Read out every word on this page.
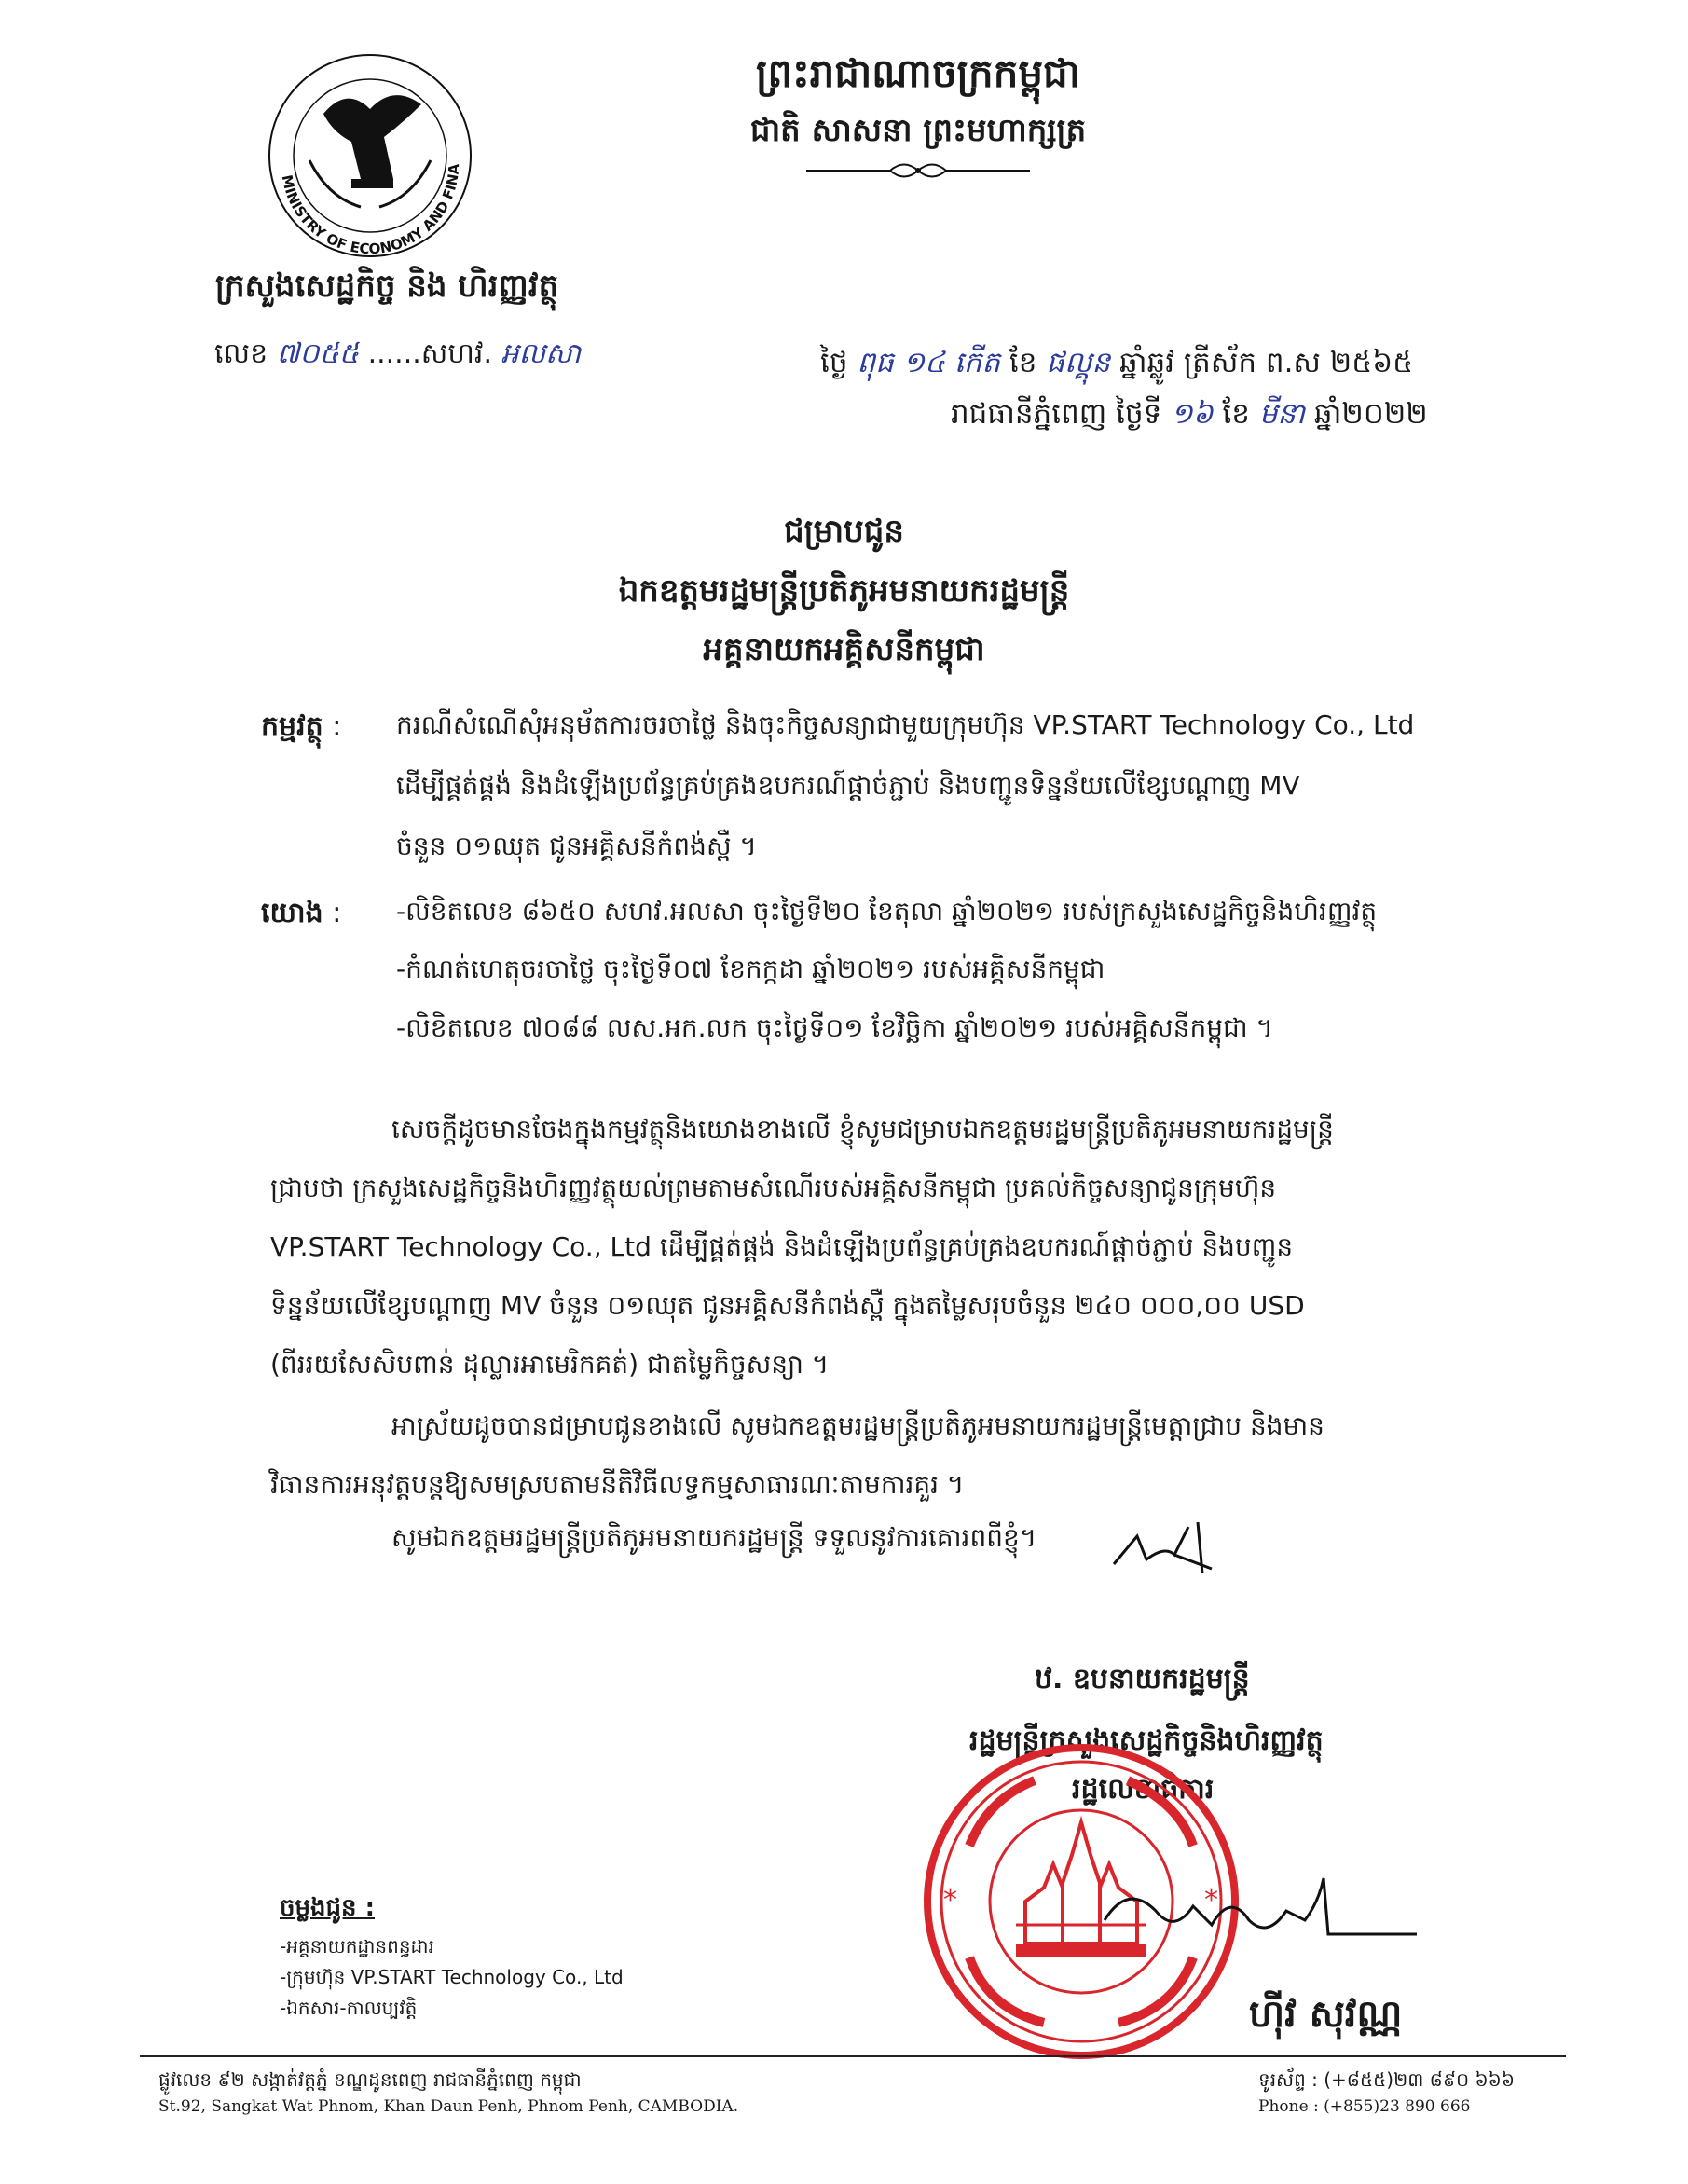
MINISTRY OF ECONOMY AND FINA
ក្រសួងសេដ្ឋកិច្ច និង ហិរញ្ញវត្ថុ
លេខ ៧០៥៥ ......សហវ. អលសា
ព្រះរាជាណាចក្រកម្ពុជា
ជាតិ សាសនា ព្រះមហាក្សត្រ
ថ្ងៃ ពុធ ១៤ កើត ខែ ផល្គុន ឆ្នាំឆ្លូវ ត្រីស័ក ព.ស ២៥៦៥
រាជធានីភ្នំពេញ ថ្ងៃទី ១៦ ខែ មីនា ឆ្នាំ២០២២
ជម្រាបជូន
ឯកឧត្តមរដ្ឋមន្ត្រីប្រតិភូអមនាយករដ្ឋមន្ត្រី
អគ្គនាយកអគ្គិសនីកម្ពុជា
កម្មវត្ថុ : ករណីសំណើសុំអនុម័តការចរចាថ្លៃ និងចុះកិច្ចសន្យាជាមួយក្រុមហ៊ុន VP.START Technology Co., Ltd
ដើម្បីផ្គត់ផ្គង់ និងដំឡើងប្រព័ន្ធគ្រប់គ្រងឧបករណ៍ផ្តាច់ភ្ជាប់ និងបញ្ជូនទិន្នន័យលើខ្សែបណ្តាញ MV
ចំនួន ០១ឈុត ជូនអគ្គិសនីកំពង់ស្ពឺ ។
យោង : -លិខិតលេខ ៨៦៥០ សហវ.អលសា ចុះថ្ងៃទី២០ ខែតុលា ឆ្នាំ២០២១ របស់ក្រសួងសេដ្ឋកិច្ចនិងហិរញ្ញវត្ថុ
-កំណត់ហេតុចរចាថ្លៃ ចុះថ្ងៃទី០៧ ខែកក្កដា ឆ្នាំ២០២១ របស់អគ្គិសនីកម្ពុជា
-លិខិតលេខ ៧០៨៨ លស.អក.លក ចុះថ្ងៃទី០១ ខែវិច្ឆិកា ឆ្នាំ២០២១ របស់អគ្គិសនីកម្ពុជា ។
សេចក្តីដូចមានចែងក្នុងកម្មវត្ថុនិងយោងខាងលើ ខ្ញុំសូមជម្រាបឯកឧត្តមរដ្ឋមន្ត្រីប្រតិភូអមនាយករដ្ឋមន្ត្រី
ជ្រាបថា ក្រសួងសេដ្ឋកិច្ចនិងហិរញ្ញវត្ថុយល់ព្រមតាមសំណើរបស់អគ្គិសនីកម្ពុជា ប្រគល់កិច្ចសន្យាជូនក្រុមហ៊ុន
VP.START Technology Co., Ltd ដើម្បីផ្គត់ផ្គង់ និងដំឡើងប្រព័ន្ធគ្រប់គ្រងឧបករណ៍ផ្តាច់ភ្ជាប់ និងបញ្ជូន
ទិន្នន័យលើខ្សែបណ្តាញ MV ចំនួន ០១ឈុត ជូនអគ្គិសនីកំពង់ស្ពឺ ក្នុងតម្លៃសរុបចំនួន ២៤០ ០០០,០០ USD
(ពីររយសែសិបពាន់ ដុល្លារអាមេរិកគត់) ជាតម្លៃកិច្ចសន្យា ។
អាស្រ័យដូចបានជម្រាបជូនខាងលើ សូមឯកឧត្តមរដ្ឋមន្ត្រីប្រតិភូអមនាយករដ្ឋមន្ត្រីមេត្តាជ្រាប និងមាន
វិធានការអនុវត្តបន្តឱ្យសមស្របតាមនីតិវិធីលទ្ធកម្មសាធារណៈតាមការគួរ ។
សូមឯកឧត្តមរដ្ឋមន្ត្រីប្រតិភូអមនាយករដ្ឋមន្ត្រី ទទួលនូវការគោរពពីខ្ញុំ។
ឋ. ឧបនាយករដ្ឋមន្ត្រី
រដ្ឋមន្ត្រីក្រសួងសេដ្ឋកិច្ចនិងហិរញ្ញវត្ថុ
រដ្ឋលេខាធិការ
*	*
ហ៊ីវ សុវណ្ណ
ចម្លងជូន :
-អគ្គនាយកដ្ឋានពន្ធដារ
-ក្រុមហ៊ុន VP.START Technology Co., Ltd
-ឯកសារ-កាលប្បវត្តិ
ផ្លូវលេខ ៩២ សង្កាត់វត្តភ្នំ ខណ្ឌដូនពេញ រាជធានីភ្នំពេញ កម្ពុជា
St.92, Sangkat Wat Phnom, Khan Daun Penh, Phnom Penh, CAMBODIA.
ទូរស័ព្ទ : (+៨៥៥)២៣ ៨៩០ ៦៦៦
Phone : (+855)23 890 666
